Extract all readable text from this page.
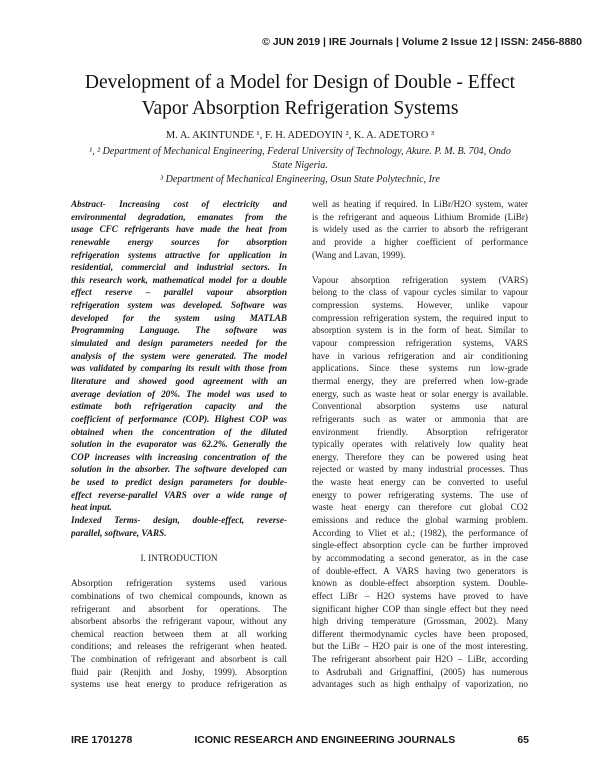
© JUN 2019 | IRE Journals | Volume 2 Issue 12 | ISSN: 2456-8880
Development of a Model for Design of Double - Effect
Vapor Absorption Refrigeration Systems
M. A. AKINTUNDE ¹, F. H. ADEDOYIN ², K. A. ADETORO ³
¹, ² Department of Mechanical Engineering, Federal University of Technology, Akure. P. M. B. 704, Ondo
State Nigeria.
³ Department of Mechanical Engineering, Osun State Polytechnic, Ire
Abstract- Increasing cost of electricity and
environmental degradation, emanates from the
usage CFC refrigerants have made the heat from
renewable energy sources for absorption
refrigeration systems attractive for application in
residential, commercial and industrial sectors. In
this research work, mathematical model for a double
effect reserve – parallel vapour absorption
refrigeration system was developed. Software was
developed for the system using MATLAB
Programming Language. The software was
simulated and design parameters needed for the
analysis of the system were generated. The model
was validated by comparing its result with those from
literature and showed good agreement with an
average deviation of 20%. The model was used to
estimate both refrigeration capacity and the
coefficient of performance (COP). Highest COP was
obtained when the concentration of the diluted
solution in the evaporator was 62.2%. Generally the
COP increases with increasing concentration of the
solution in the absorber. The software developed can
be used to predict design parameters for double-
effect reverse-parallel VARS over a wide range of
heat input.
Indexed Terms- design, double-effect, reverse-
parallel, software, VARS.
I. INTRODUCTION
Absorption refrigeration systems used various
combinations of two chemical compounds, known as
refrigerant and absorbent for operations. The
absorbent absorbs the refrigerant vapour, without any
chemical reaction between them at all working
conditions; and releases the refrigerant when heated.
The combination of refrigerant and absorbent is call
fluid pair (Renjith and Joshy, 1999). Absorption
systems use heat energy to produce refrigeration as
well as heating if required. In LiBr/H2O system, water
is the refrigerant and aqueous Lithium Bromide (LiBr)
is widely used as the carrier to absorb the refrigerant
and provide a higher coefficient of performance
(Wang and Lavan, 1999).
Vapour absorption refrigeration system (VARS)
belong to the class of vapour cycles similar to vapour
compression systems. However, unlike vapour
compression refrigeration system, the required input to
absorption system is in the form of heat. Similar to
vapour compression refrigeration systems, VARS
have in various refrigeration and air conditioning
applications. Since these systems run low-grade
thermal energy, they are preferred when low-grade
energy, such as waste heat or solar energy is available.
Conventional absorption systems use natural
refrigerants such as water or ammonia that are
environment friendly. Absorption refrigerator
typically operates with relatively low quality heat
energy. Therefore they can be powered using heat
rejected or wasted by many industrial processes. Thus
the waste heat energy can be converted to useful
energy to power refrigerating systems. The use of
waste heat energy can therefore cut global CO2
emissions and reduce the global warming problem.
According to Vliet et al.; (1982), the performance of
single-effect absorption cycle can be further improved
by accommodating a second generator, as in the case
of double-effect. A VARS having two generators is
known as double-effect absorption system. Double-
effect LiBr – H2O systems have proved to have
significant higher COP than single effect but they need
high driving temperature (Grossman, 2002). Many
different thermodynamic cycles have been proposed,
but the LiBr – H2O pair is one of the most interesting.
The refrigerant absorbent pair H2O – LiBr, according
to Asdrubali and Grignaffini, (2005) has numerous
advantages such as high enthalpy of vaporization, no
IRE 1701278	ICONIC RESEARCH AND ENGINEERING JOURNALS	65
